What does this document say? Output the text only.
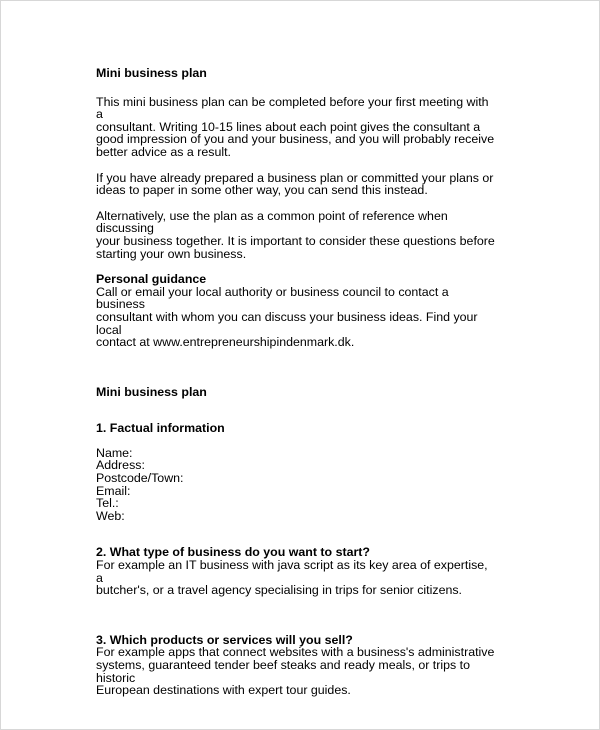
Mini business plan

This mini business plan can be completed before your first meeting with a
consultant. Writing 10-15 lines about each point gives the consultant a
good impression of you and your business, and you will probably receive
better advice as a result.

If you have already prepared a business plan or committed your plans or
ideas to paper in some other way, you can send this instead.

Alternatively, use the plan as a common point of reference when discussing
your business together. It is important to consider these questions before
starting your own business.

Personal guidance

Call or email your local authority or business council to contact a business
consultant with whom you can discuss your business ideas. Find your local
contact at www.entrepreneurshipindenmark.dk.

Mini business plan

1. Factual information

Name:
Address:
Postcode/Town:
Email:
Tel.:
Web:

2. What type of business do you want to start?

For example an IT business with java script as its key area of expertise, a
butcher's, or a travel agency specialising in trips for senior citizens.

3. Which products or services will you sell?

For example apps that connect websites with a business's administrative
systems, guaranteed tender beef steaks and ready meals, or trips to historic
European destinations with expert tour guides.
